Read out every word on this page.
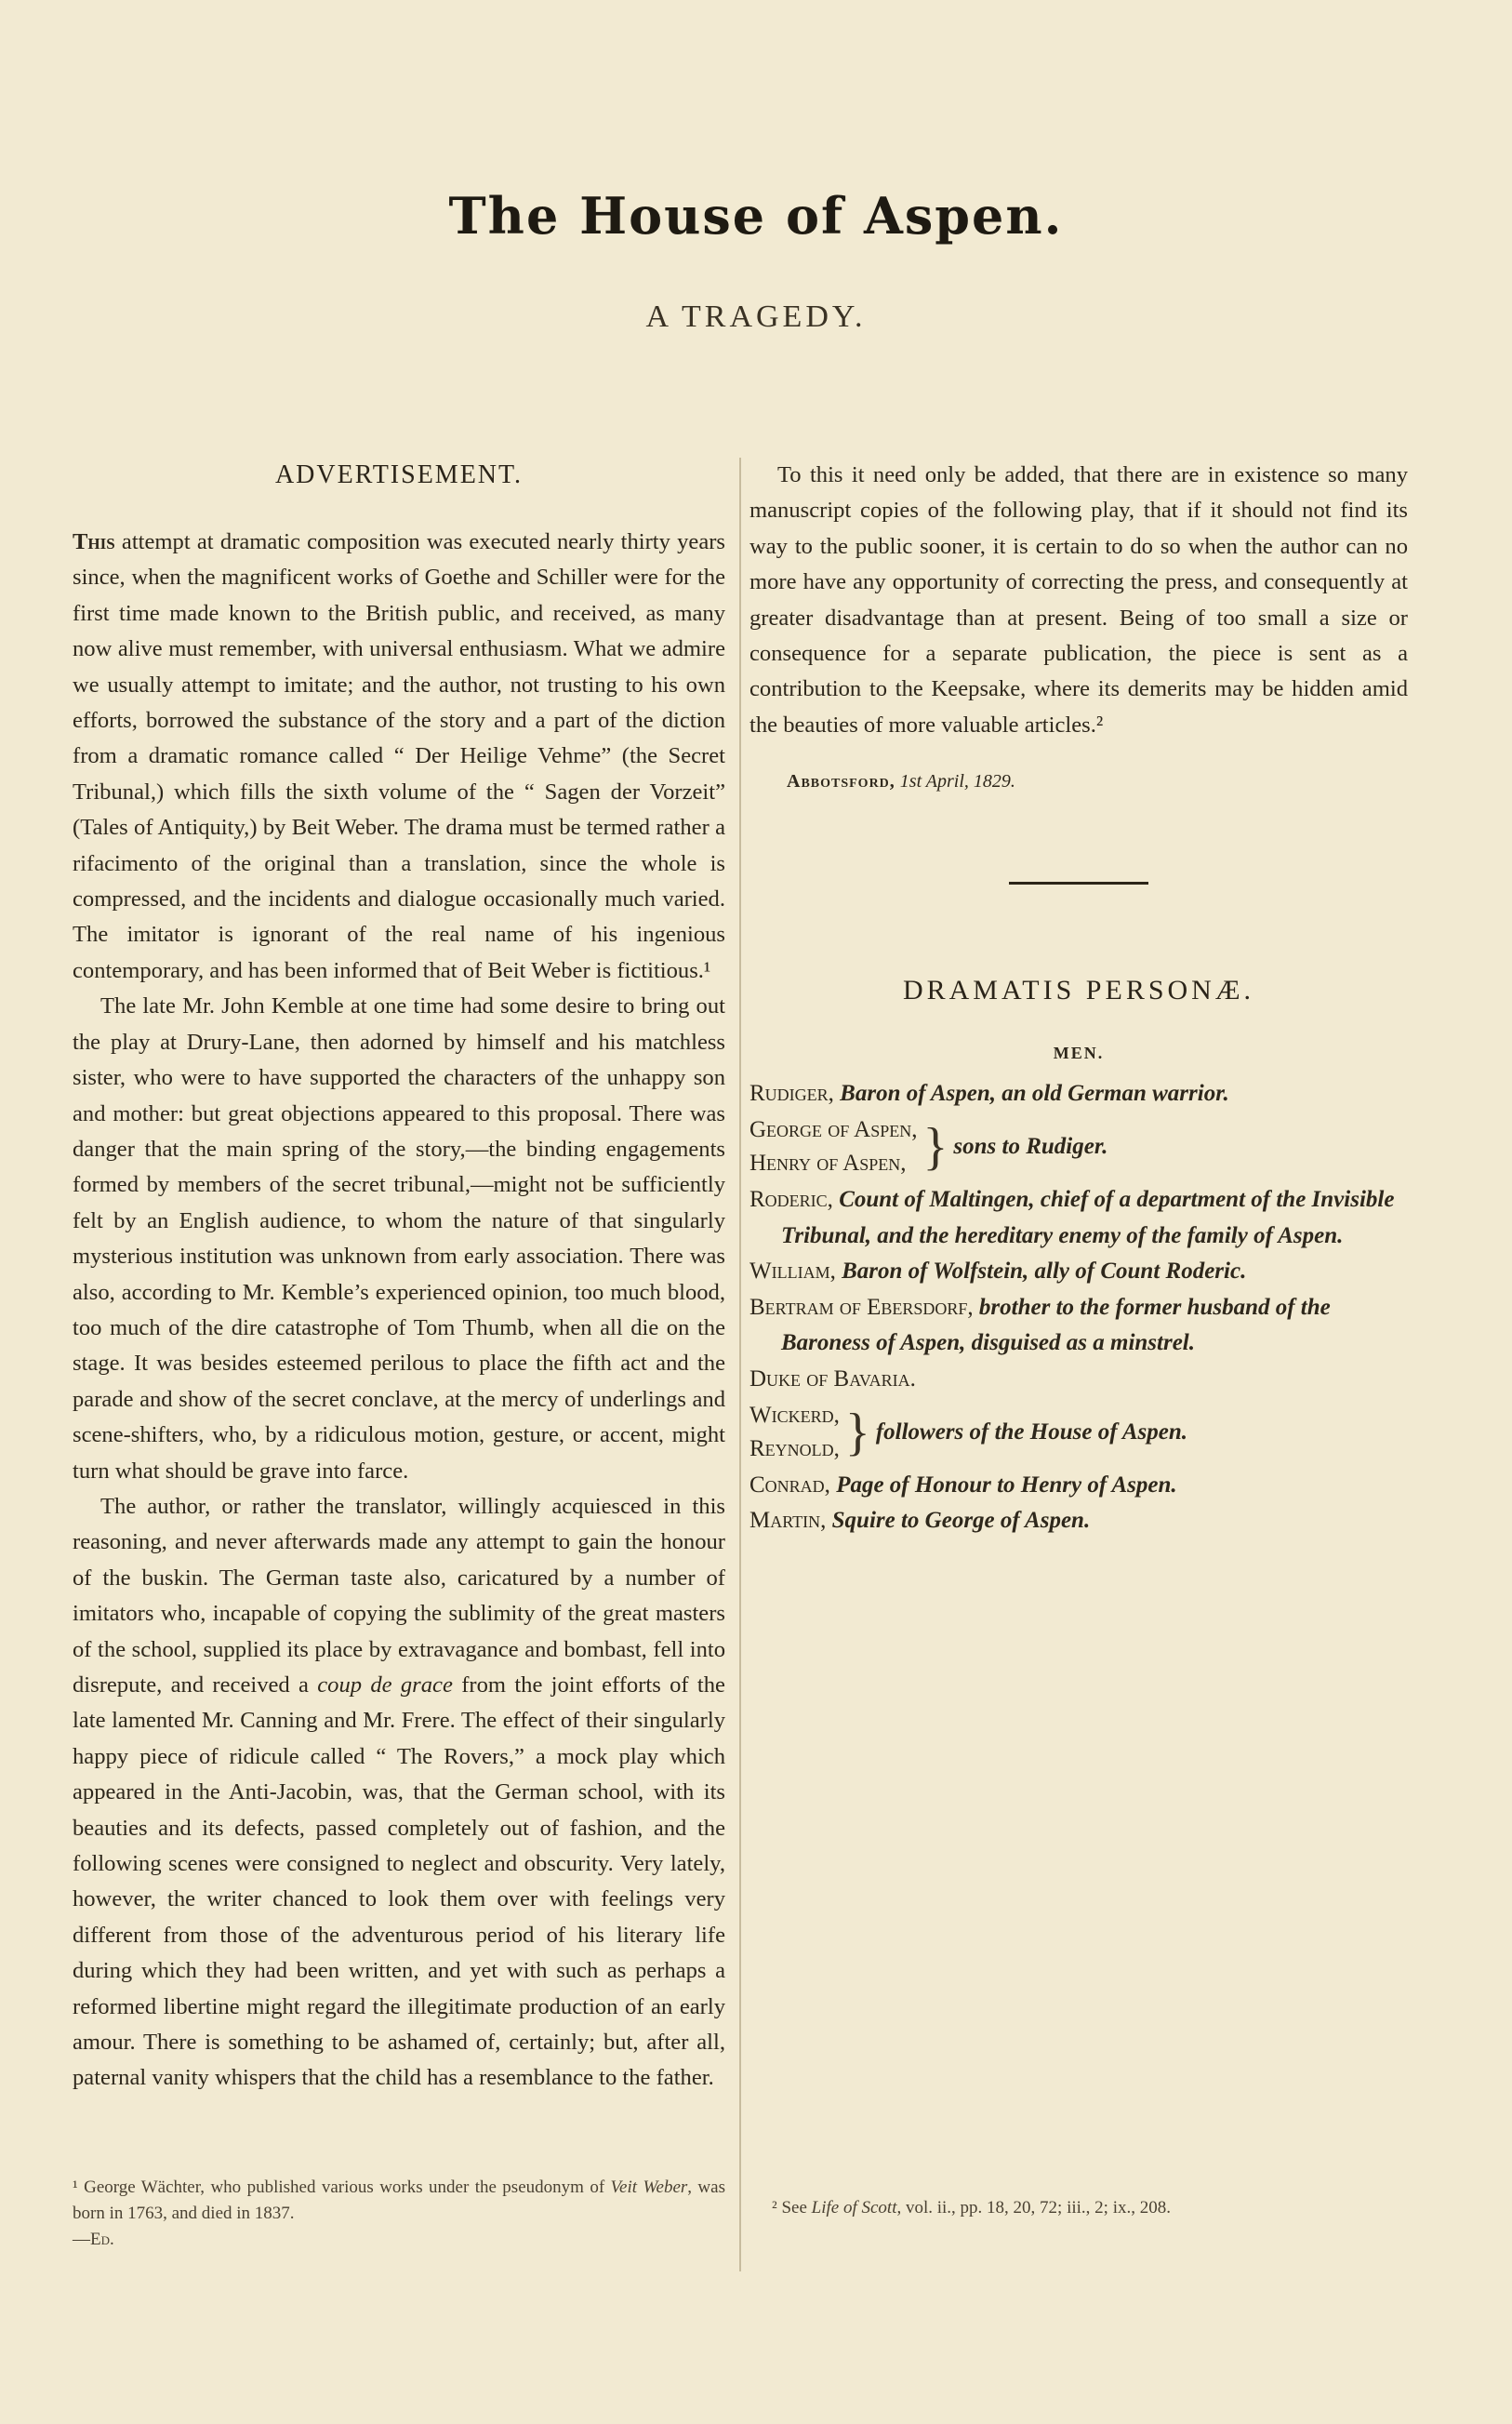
The House of Aspen.
A TRAGEDY.

ADVERTISEMENT.

This attempt at dramatic composition was executed nearly thirty years since, when the magnificent works of Goethe and Schiller were for the first time made known to the British public, and received, as many now alive must remember, with universal enthusiasm. What we admire we usually attempt to imitate; and the author, not trusting to his own efforts, borrowed the substance of the story and a part of the diction from a dramatic romance called “ Der Heilige Vehme” (the Secret Tribunal,) which fills the sixth volume of the “ Sagen der Vorzeit” (Tales of Antiquity,) by Beit Weber. The drama must be termed rather a rifacimento of the original than a translation, since the whole is compressed, and the incidents and dialogue occasionally much varied. The imitator is ignorant of the real name of his ingenious contemporary, and has been informed that of Beit Weber is fictitious.¹

The late Mr. John Kemble at one time had some desire to bring out the play at Drury-Lane, then adorned by himself and his matchless sister, who were to have supported the characters of the unhappy son and mother: but great objections appeared to this proposal. There was danger that the main spring of the story,—the binding engagements formed by members of the secret tribunal,—might not be sufficiently felt by an English audience, to whom the nature of that singularly mysterious institution was unknown from early association. There was also, according to Mr. Kemble’s experienced opinion, too much blood, too much of the dire catastrophe of Tom Thumb, when all die on the stage. It was besides esteemed perilous to place the fifth act and the parade and show of the secret conclave, at the mercy of underlings and scene-shifters, who, by a ridiculous motion, gesture, or accent, might turn what should be grave into farce.

The author, or rather the translator, willingly acquiesced in this reasoning, and never afterwards made any attempt to gain the honour of the buskin. The German taste also, caricatured by a number of imitators who, incapable of copying the sublimity of the great masters of the school, supplied its place by extravagance and bombast, fell into disrepute, and received a coup de grace from the joint efforts of the late lamented Mr. Canning and Mr. Frere. The effect of their singularly happy piece of ridicule called “ The Rovers,” a mock play which appeared in the Anti-Jacobin, was, that the German school, with its beauties and its defects, passed completely out of fashion, and the following scenes were consigned to neglect and obscurity. Very lately, however, the writer chanced to look them over with feelings very different from those of the adventurous period of his literary life during which they had been written, and yet with such as perhaps a reformed libertine might regard the illegitimate production of an early amour. There is something to be ashamed of, certainly; but, after all, paternal vanity whispers that the child has a resemblance to the father.

To this it need only be added, that there are in existence so many manuscript copies of the following play, that if it should not find its way to the public sooner, it is certain to do so when the author can no more have any opportunity of correcting the press, and consequently at greater disadvantage than at present. Being of too small a size or consequence for a separate publication, the piece is sent as a contribution to the Keepsake, where its demerits may be hidden amid the beauties of more valuable articles.²

Abbotsford, 1st April, 1829.

DRAMATIS PERSONÆ.

MEN.

Rudiger, Baron of Aspen, an old German warrior.

George of Aspen,
Henry of Aspen, } sons to Rudiger.

Roderic, Count of Maltingen, chief of a department of the Invisible Tribunal, and the hereditary enemy of the family of Aspen.

William, Baron of Wolfstein, ally of Count Roderic.

Bertram of Ebersdorf, brother to the former husband of the Baroness of Aspen, disguised as a minstrel.

Duke of Bavaria.

Wickerd,
Reynold, } followers of the House of Aspen.

Conrad, Page of Honour to Henry of Aspen.

Martin, Squire to George of Aspen.

¹ George Wächter, who published various works under the pseudonym of Veit Weber, was born in 1763, and died in 1837.
—Ed.
² See Life of Scott, vol. ii., pp. 18, 20, 72; iii., 2; ix., 208.
